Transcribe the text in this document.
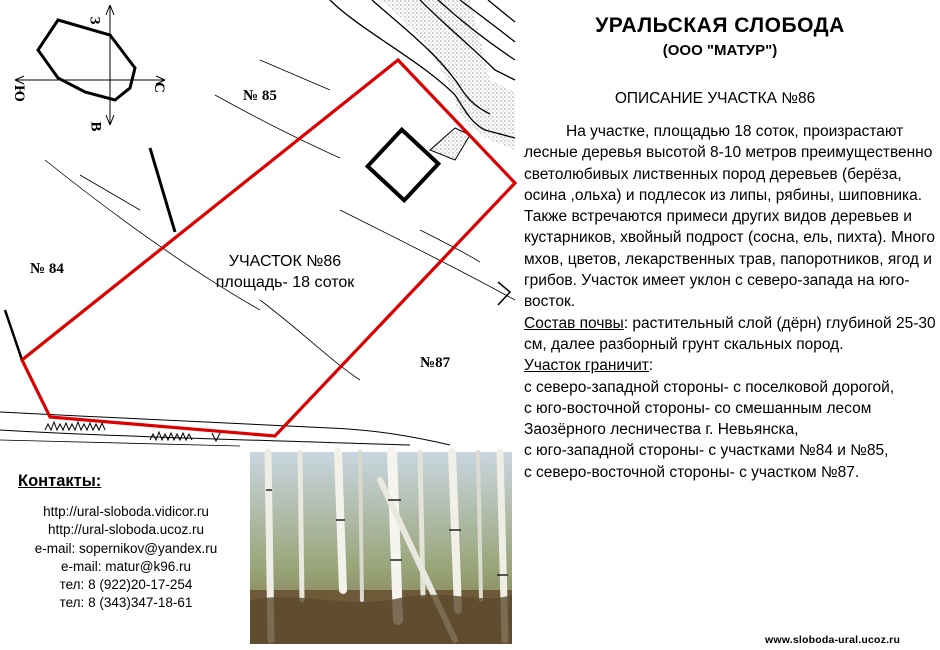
З
С
В
Ю	№ 85
№ 84
№87
УЧАСТОК №86
площадь- 18 соток
УРАЛЬСКАЯ СЛОБОДА
(ООО "МАТУР")
ОПИСАНИЕ УЧАСТКА №86

На участке, площадью 18 соток, произрастают лесные деревья высотой 8-10 метров преимущественно светолюбивых лиственных пород деревьев (берёза, осина ,ольха) и подлесок из липы, рябины, шиповника. Также встречаются примеси других видов деревьев и кустарников, хвойный подрост (сосна, ель, пихта). Много мхов, цветов, лекарственных трав, папоротников, ягод и грибов. Участок имеет уклон с северо-запада на юго-восток.

Состав почвы: растительный слой (дёрн) глубиной 25-30 см, далее разборный грунт скальных пород.

Участок граничит:

с северо-западной стороны- с поселковой дорогой,

с юго-восточной стороны- со смешанным лесом Заозёрного лесничества г. Невьянска,

с юго-западной стороны- с участками №84 и №85,

с северо-восточной стороны- с участком №87.

Контакты:
http://ural-sloboda.vidicor.ru
http://ural-sloboda.ucoz.ru
e-mail: sopernikov@yandex.ru
e-mail: matur@k96.ru
тел: 8 (922)20-17-254
тел: 8 (343)347-18-61
www.sloboda-ural.ucoz.ru
